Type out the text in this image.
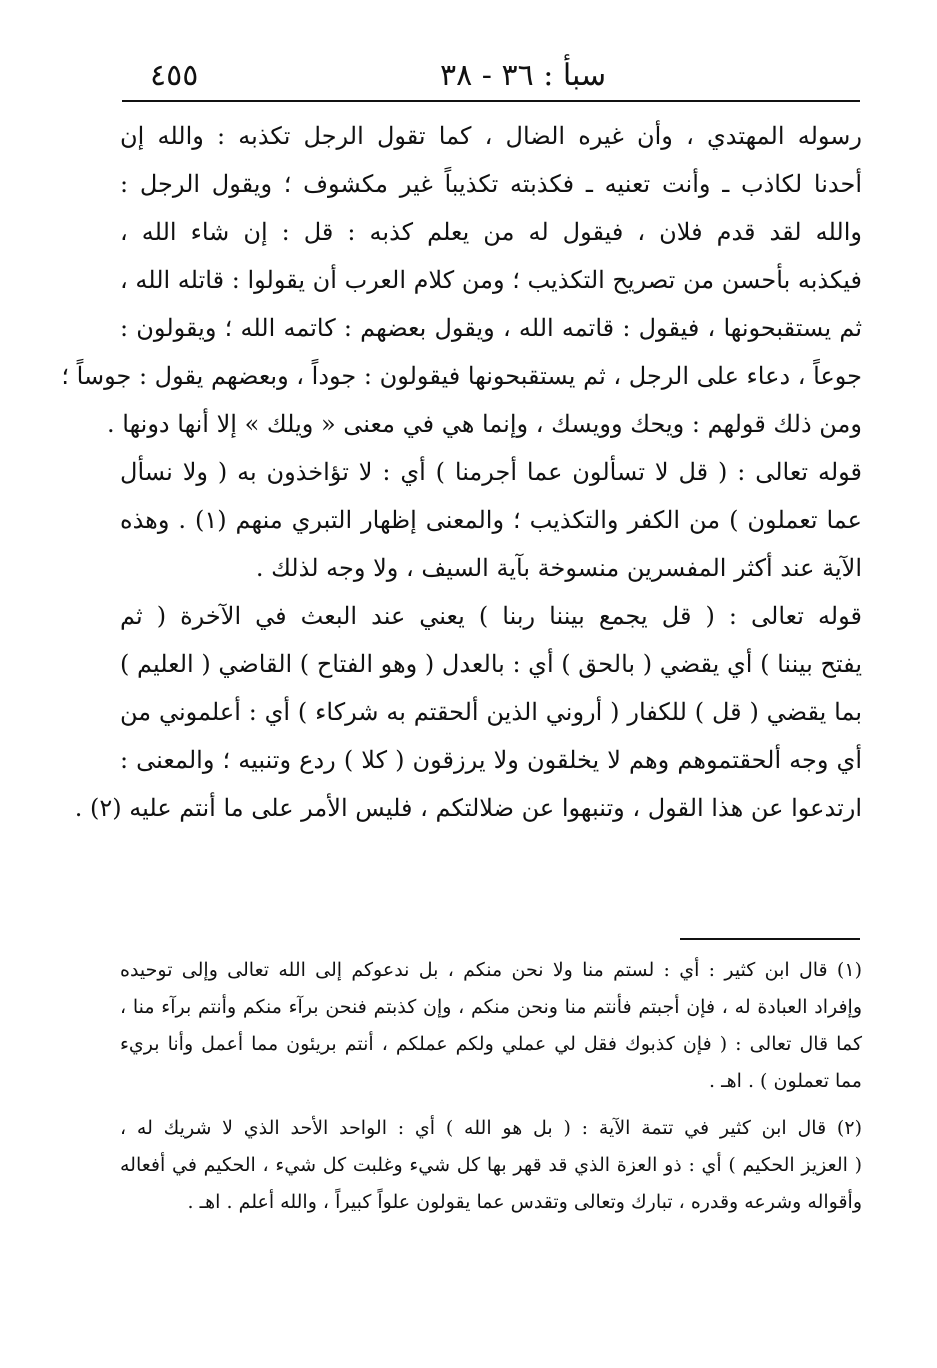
٤٥٥	سبأ : ٣٦ - ٣٨
رسوله المهتدي ، وأن غيره الضال ، كما تقول الرجل تكذبه : والله إن
أحدنا لكاذب ـ وأنت تعنيه ـ فكذبته تكذيباً غير مكشوف ؛ ويقول الرجل :
والله لقد قدم فلان ، فيقول له من يعلم كذبه : قل : إن شاء الله ،
فيكذبه بأحسن من تصريح التكذيب ؛ ومن كلام العرب أن يقولوا : قاتله الله ،
ثم يستقبحونها ، فيقول : قاتمه الله ، ويقول بعضهم : كاتمه الله ؛ ويقولون :
جوعاً ، دعاء على الرجل ، ثم يستقبحونها فيقولون : جوداً ، وبعضهم يقول : جوساً ؛
ومن ذلك قولهم : ويحك وويسك ، وإنما هي في معنى « ويلك » إلا أنها دونها .
قوله تعالى : ( قل لا تسألون عما أجرمنا ) أي : لا تؤاخذون به ( ولا نسأل
عما تعملون ) من الكفر والتكذيب ؛ والمعنى إظهار التبري منهم (١) . وهذه
الآية عند أكثر المفسرين منسوخة بآية السيف ، ولا وجه لذلك .
قوله تعالى : ( قل يجمع بيننا ربنا ) يعني عند البعث في الآخرة ( ثم
يفتح بيننا ) أي يقضي ( بالحق ) أي : بالعدل ( وهو الفتاح ) القاضي ( العليم )
بما يقضي ( قل ) للكفار ( أروني الذين ألحقتم به شركاء ) أي : أعلموني من
أي وجه ألحقتموهم وهم لا يخلقون ولا يرزقون ( كلا ) ردع وتنبيه ؛ والمعنى :
ارتدعوا عن هذا القول ، وتنبهوا عن ضلالتكم ، فليس الأمر على ما أنتم عليه (٢) .
(١) قال ابن كثير : أي : لستم منا ولا نحن منكم ، بل ندعوكم إلى الله تعالى وإلى توحيده
وإفراد العبادة له ، فإن أجبتم فأنتم منا ونحن منكم ، وإن كذبتم فنحن برآء منكم وأنتم برآء منا ،
كما قال تعالى : ( فإن كذبوك فقل لي عملي ولكم عملكم ، أنتم بريئون مما أعمل وأنا بريء
مما تعملون ) . اهـ .
(٢) قال ابن كثير في تتمة الآية : ( بل هو الله ) أي : الواحد الأحد الذي لا شريك له ،
( العزيز الحكيم ) أي : ذو العزة الذي قد قهر بها كل شيء وغلبت كل شيء ، الحكيم في أفعاله
وأقواله وشرعه وقدره ، تبارك وتعالى وتقدس عما يقولون علواً كبيراً ، والله أعلم . اهـ .
